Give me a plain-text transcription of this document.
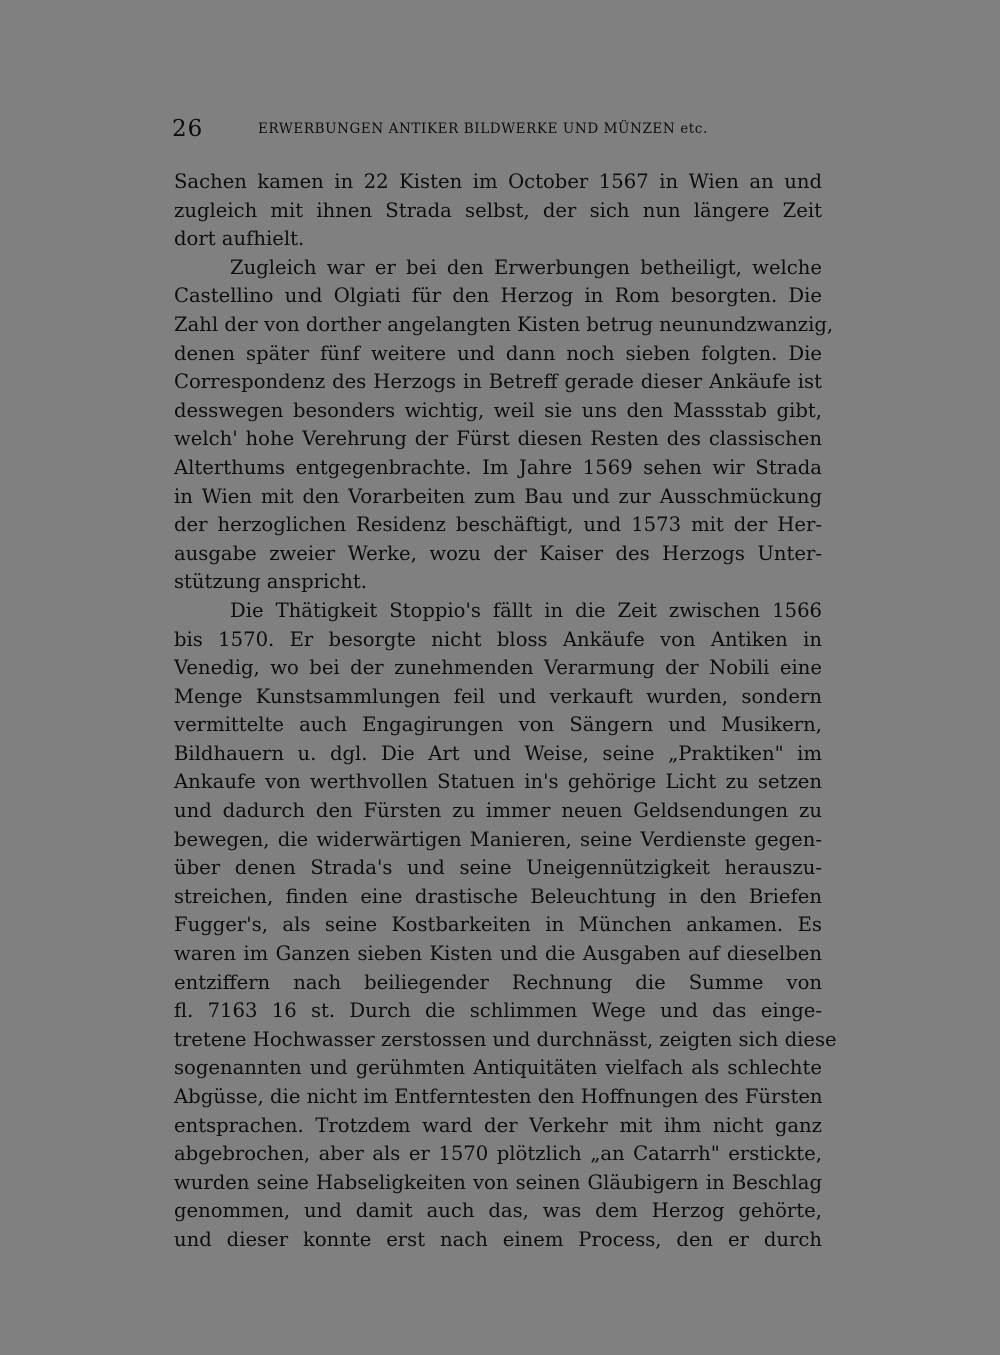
26	ERWERBUNGEN ANTIKER BILDWERKE UND MÜNZEN etc.
Sachen kamen in 22 Kisten im October 1567 in Wien an und
zugleich mit ihnen Strada selbst, der sich nun längere Zeit
dort aufhielt.
Zugleich war er bei den Erwerbungen betheiligt, welche
Castellino und Olgiati für den Herzog in Rom besorgten. Die
Zahl der von dorther angelangten Kisten betrug neunundzwanzig,
denen später fünf weitere und dann noch sieben folgten. Die
Correspondenz des Herzogs in Betreff gerade dieser Ankäufe ist
desswegen besonders wichtig, weil sie uns den Massstab gibt,
welch' hohe Verehrung der Fürst diesen Resten des classischen
Alterthums entgegenbrachte. Im Jahre 1569 sehen wir Strada
in Wien mit den Vorarbeiten zum Bau und zur Ausschmückung
der herzoglichen Residenz beschäftigt, und 1573 mit der Her-
ausgabe zweier Werke, wozu der Kaiser des Herzogs Unter-
stützung anspricht.
Die Thätigkeit Stoppio's fällt in die Zeit zwischen 1566
bis 1570. Er besorgte nicht bloss Ankäufe von Antiken in
Venedig, wo bei der zunehmenden Verarmung der Nobili eine
Menge Kunstsammlungen feil und verkauft wurden, sondern
vermittelte auch Engagirungen von Sängern und Musikern,
Bildhauern u. dgl. Die Art und Weise, seine „Praktiken" im
Ankaufe von werthvollen Statuen in's gehörige Licht zu setzen
und dadurch den Fürsten zu immer neuen Geldsendungen zu
bewegen, die widerwärtigen Manieren, seine Verdienste gegen-
über denen Strada's und seine Uneigennützigkeit herauszu-
streichen, finden eine drastische Beleuchtung in den Briefen
Fugger's, als seine Kostbarkeiten in München ankamen. Es
waren im Ganzen sieben Kisten und die Ausgaben auf dieselben
entziffern nach beiliegender Rechnung die Summe von
fl. 7163 16 st. Durch die schlimmen Wege und das einge-
tretene Hochwasser zerstossen und durchnässt, zeigten sich diese
sogenannten und gerühmten Antiquitäten vielfach als schlechte
Abgüsse, die nicht im Entferntesten den Hoffnungen des Fürsten
entsprachen. Trotzdem ward der Verkehr mit ihm nicht ganz
abgebrochen, aber als er 1570 plötzlich „an Catarrh" erstickte,
wurden seine Habseligkeiten von seinen Gläubigern in Beschlag
genommen, und damit auch das, was dem Herzog gehörte,
und dieser konnte erst nach einem Process, den er durch
